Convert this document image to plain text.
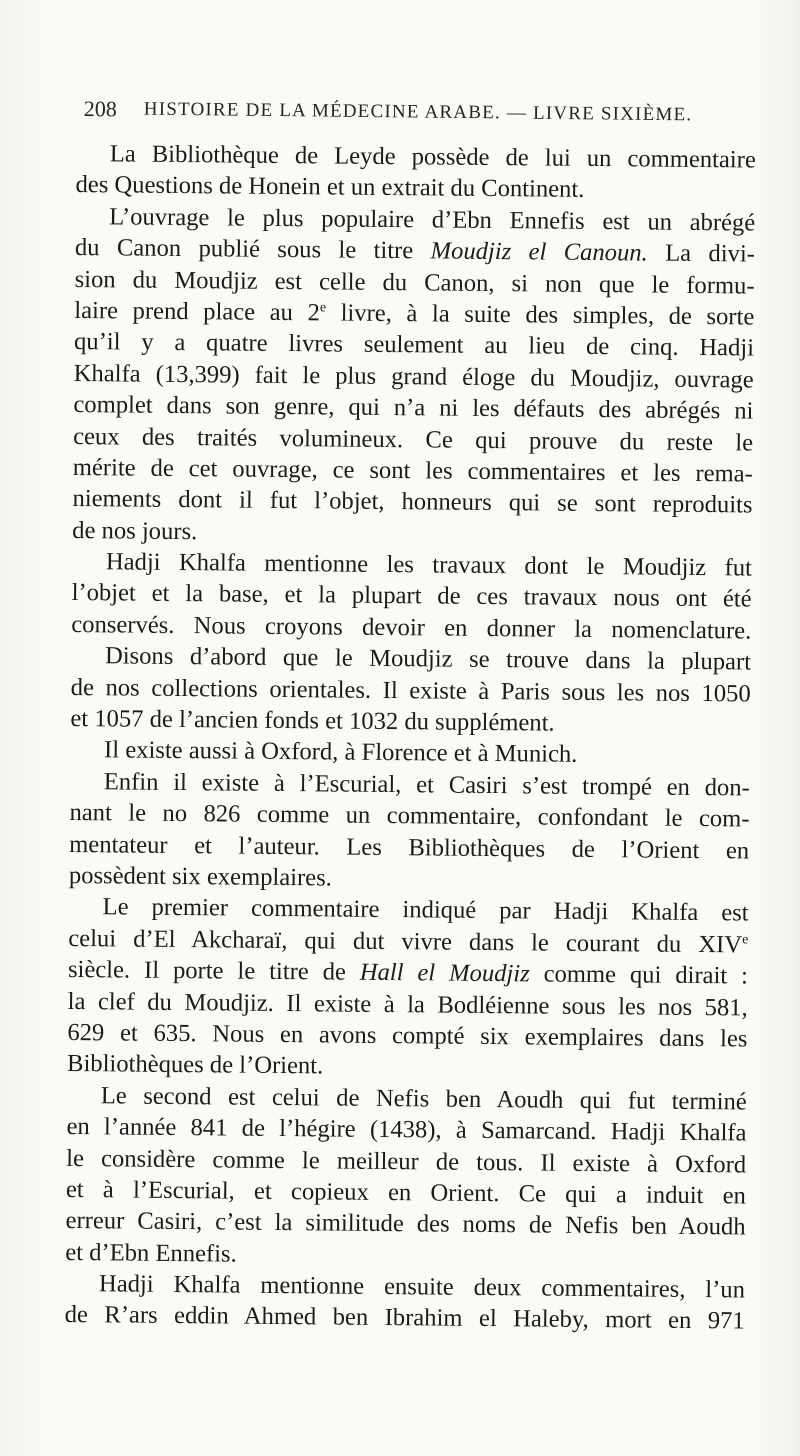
208 HISTOIRE DE LA MÉDECINE ARABE. — LIVRE SIXIÈME.
La Bibliothèque de Leyde possède de lui un commentaire
des Questions de Honein et un extrait du Continent.
L’ouvrage le plus populaire d’Ebn Ennefis est un abrégé
du Canon publié sous le titre Moudjiz el Canoun. La divi-
sion du Moudjiz est celle du Canon, si non que le formu-
laire prend place au 2e livre, à la suite des simples, de sorte
qu’il y a quatre livres seulement au lieu de cinq. Hadji
Khalfa (13,399) fait le plus grand éloge du Moudjiz, ouvrage
complet dans son genre, qui n’a ni les défauts des abrégés ni
ceux des traités volumineux. Ce qui prouve du reste le
mérite de cet ouvrage, ce sont les commentaires et les rema-
niements dont il fut l’objet, honneurs qui se sont reproduits
de nos jours.
Hadji Khalfa mentionne les travaux dont le Moudjiz fut
l’objet et la base, et la plupart de ces travaux nous ont été
conservés. Nous croyons devoir en donner la nomenclature.
Disons d’abord que le Moudjiz se trouve dans la plupart
de nos collections orientales. Il existe à Paris sous les nos 1050
et 1057 de l’ancien fonds et 1032 du supplément.
Il existe aussi à Oxford, à Florence et à Munich.
Enfin il existe à l’Escurial, et Casiri s’est trompé en don-
nant le no 826 comme un commentaire, confondant le com-
mentateur et l’auteur. Les Bibliothèques de l’Orient en
possèdent six exemplaires.
Le premier commentaire indiqué par Hadji Khalfa est
celui d’El Akcharaï, qui dut vivre dans le courant du XIVe
siècle. Il porte le titre de Hall el Moudjiz comme qui dirait :
la clef du Moudjiz. Il existe à la Bodléienne sous les nos 581,
629 et 635. Nous en avons compté six exemplaires dans les
Bibliothèques de l’Orient.
Le second est celui de Nefis ben Aoudh qui fut terminé
en l’année 841 de l’hégire (1438), à Samarcand. Hadji Khalfa
le considère comme le meilleur de tous. Il existe à Oxford
et à l’Escurial, et copieux en Orient. Ce qui a induit en
erreur Casiri, c’est la similitude des noms de Nefis ben Aoudh
et d’Ebn Ennefis.
Hadji Khalfa mentionne ensuite deux commentaires, l’un
de R’ars eddin Ahmed ben Ibrahim el Haleby, mort en 971
